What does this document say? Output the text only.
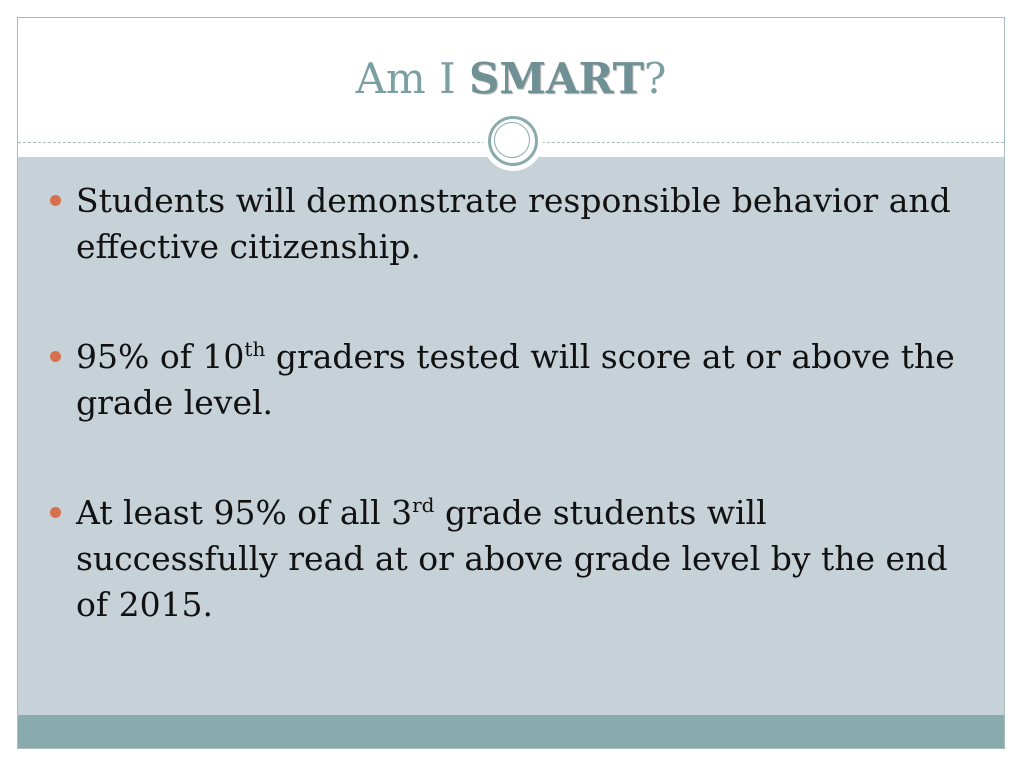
Am I SMART?
Students will demonstrate responsible behavior and effective citizenship.
95% of 10th graders tested will score at or above the grade level.
At least 95% of all 3rd grade students will successfully read at or above grade level by the end of 2015.
